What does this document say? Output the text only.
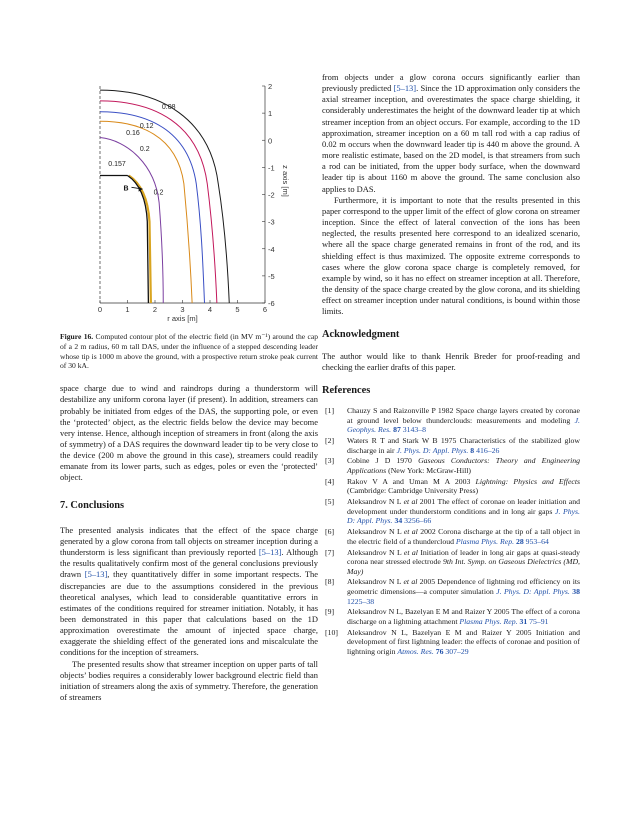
0	1	2	3	4	5	6
2
1
0
-1
-2
-3
-4
-5
-6
r axis [m]
z axis [m]
B
0.08
0.12
0.16
0.2
0.157
0.2
Figure 16. Computed contour plot of the electric field (in MV m⁻¹) around the cap of a 2 m radius, 60 m tall DAS, under the influence of a stepped descending leader whose tip is 1000 m above the ground, with a prospective return stroke peak current of 30 kA.

space charge due to wind and raindrops during a thunderstorm will destabilize any uniform corona layer (if present). In addition, streamers can probably be initiated from edges of the DAS, the supporting pole, or even the ‘protected’ object, as the electric fields below the device may become very intense. Hence, although inception of streamers in front (along the axis of symmetry) of a DAS requires the downward leader tip to be very close to the device (200 m above the ground in this case), streamers could readily emanate from its lower parts, such as edges, poles or even the ‘protected’ object.

7. Conclusions

The presented analysis indicates that the effect of the space charge generated by a glow corona from tall objects on streamer inception during a thunderstorm is less significant than previously reported [5–13]. Although the results qualitatively confirm most of the general conclusions previously drawn [5–13], they quantitatively differ in some important respects. The discrepancies are due to the assumptions considered in the previous theoretical analyses, which lead to considerable quantitative errors in estimates of the conditions required for streamer initiation. Notably, it has been demonstrated in this paper that calculations based on the 1D approximation overestimate the amount of injected space charge, exaggerate the shielding effect of the generated ions and miscalculate the conditions for the inception of streamers.

The presented results show that streamer inception on upper parts of tall objects’ bodies requires a considerably lower background electric field than initiation of streamers along the axis of symmetry. Therefore, the generation of streamers

from objects under a glow corona occurs significantly earlier than previously predicted [5–13]. Since the 1D approximation only considers the axial streamer inception, and overestimates the space charge shielding, it considerably underestimates the height of the downward leader tip at which streamer inception from an object occurs. For example, according to the 1D approximation, streamer inception on a 60 m tall rod with a cap radius of 0.02 m occurs when the downward leader tip is 440 m above the ground. A more realistic estimate, based on the 2D model, is that streamers from such a rod can be initiated, from the upper body surface, when the downward leader tip is about 1160 m above the ground. The same conclusion also applies to DAS.

Furthermore, it is important to note that the results presented in this paper correspond to the upper limit of the effect of glow corona on streamer inception. Since the effect of lateral convection of the ions has been neglected, the results presented here correspond to an idealized scenario, where all the space charge generated remains in front of the rod, and its shielding effect is thus maximized. The opposite extreme corresponds to cases where the glow corona space charge is completely removed, for example by wind, so it has no effect on streamer inception at all. Therefore, the density of the space charge created by the glow corona, and its shielding effect on streamer inception under natural conditions, is bound within those limits.

Acknowledgment

The author would like to thank Henrik Breder for proof-reading and checking the earlier drafts of this paper.

References
[1] Chauzy S and Raizonville P 1982 Space charge layers created by coronae at ground level below thunderclouds: measurements and modeling J. Geophys. Res. 87 3143–8
[2] Waters R T and Stark W B 1975 Characteristics of the stabilized glow discharge in air J. Phys. D: Appl. Phys. 8 416–26
[3] Cobine J D 1970 Gaseous Conductors: Theory and Engineering Applications (New York: McGraw-Hill)
[4] Rakov V A and Uman M A 2003 Lightning: Physics and Effects (Cambridge: Cambridge University Press)
[5] Aleksandrov N L et al 2001 The effect of coronae on leader initiation and development under thunderstorm conditions and in long air gaps J. Phys. D: Appl. Phys. 34 3256–66
[6] Aleksandrov N L et al 2002 Corona discharge at the tip of a tall object in the electric field of a thundercloud Plasma Phys. Rep. 28 953–64
[7] Aleksandrov N L et al Initiation of leader in long air gaps at quasi-steady corona near stressed electrode 9th Int. Symp. on Gaseous Dielectrics (MD, May)
[8] Aleksandrov N L et al 2005 Dependence of lightning rod efficiency on its geometric dimensions—a computer simulation J. Phys. D: Appl. Phys. 38 1225–38
[9] Aleksandrov N L, Bazelyan E M and Raizer Y 2005 The effect of a corona discharge on a lightning attachment Plasma Phys. Rep. 31 75–91
[10] Aleksandrov N L, Bazelyan E M and Raizer Y 2005 Initiation and development of first lightning leader: the effects of coronae and position of lightning origin Atmos. Res. 76 307–29
